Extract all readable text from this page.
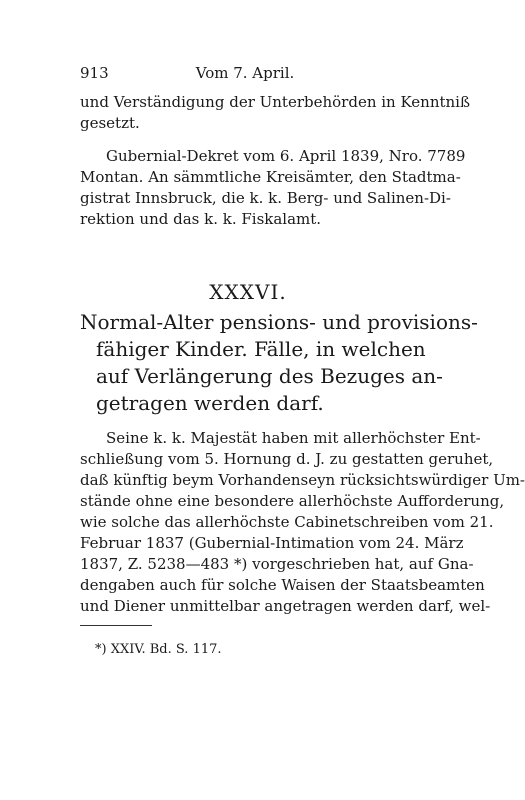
913	Vom 7. April.
und Verständigung der Unterbehörden in Kenntniß
gesetzt.
Gubernial-Dekret vom 6. April 1839, Nro. 7789
Montan. An sämmtliche Kreisämter, den Stadtma-
gistrat Innsbruck, die k. k. Berg- und Salinen-Di-
rektion und das k. k. Fiskalamt.
XXXVI.
Normal-Alter pensions- und provisions-
fähiger Kinder. Fälle, in welchen
auf Verlängerung des Bezuges an-
getragen werden darf.
Seine k. k. Majestät haben mit allerhöchster Ent-
schließung vom 5. Hornung d. J. zu gestatten geruhet,
daß künftig beym Vorhandenseyn rücksichtswürdiger Um-
stände ohne eine besondere allerhöchste Aufforderung,
wie solche das allerhöchste Cabinetschreiben vom 21.
Februar 1837 (Gubernial-Intimation vom 24. März
1837, Z. 5238—483 *) vorgeschrieben hat, auf Gna-
dengaben auch für solche Waisen der Staatsbeamten
und Diener unmittelbar angetragen werden darf, wel-
*) XXIV. Bd. S. 117.
